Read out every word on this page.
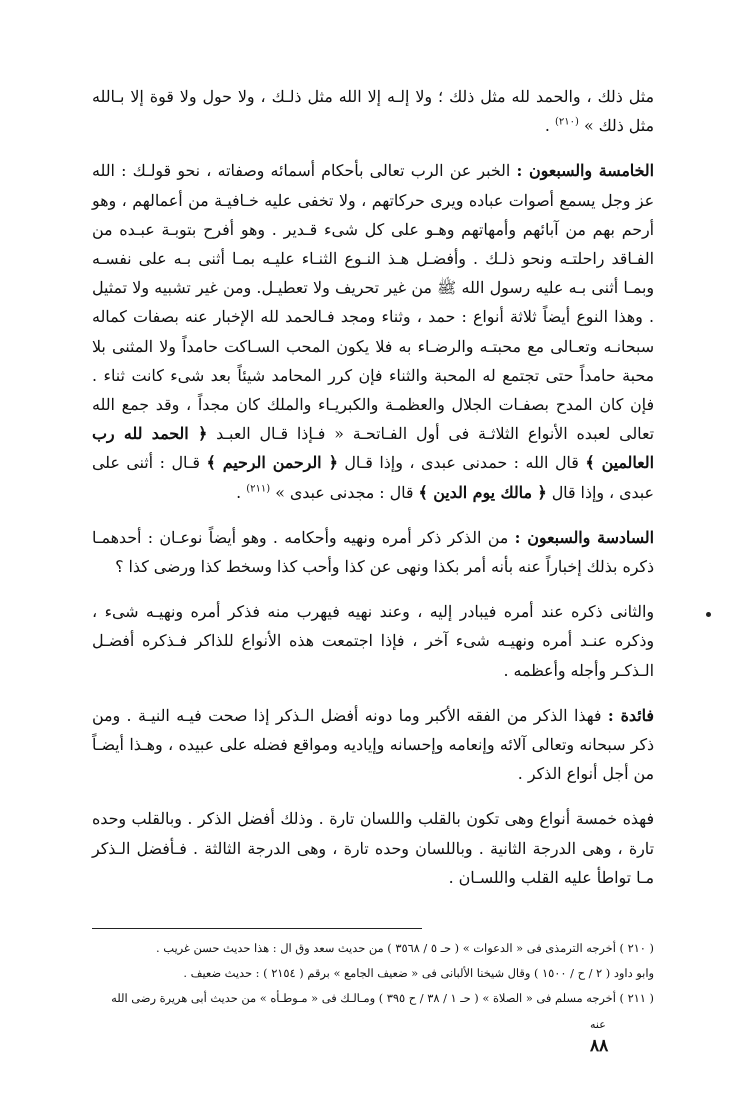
مثل ذلك ، والحمد لله مثل ذلك ؛ ولا إلـه إلا الله مثل ذلـك ، ولا حول ولا قوة إلا بـالله مثل ذلك » $^{(٢١٠)}$ .

الخامسة والسبعون : الخبر عن الرب تعالى بأحكام أسمائه وصفاته ، نحو قولـك : الله عز وجل يسمع أصوات عباده ويرى حركاتهم ، ولا تخفى عليه خـافيـة من أعمالهم ، وهو أرحم بهم من آبائهم وأمهاتهم وهـو على كل شىء قـدير . وهو أفرح بتوبـة عبـده من الفـاقد راحلتـه ونحو ذلـك . وأفضـل هـذ النـوع الثنـاء عليـه بمـا أثنى بـه على نفسـه وبمـا أثنى بـه عليه رسول الله ﷺ من غير تحريف ولا تعطيـل. ومن غير تشبيه ولا تمثيل . وهذا النوع أيضاً ثلاثة أنواع : حمد ، وثناء ومجد فـالحمد لله الإخبار عنه بصفات كماله سبحانـه وتعـالى مع محبتـه والرضـاء به فلا يكون المحب السـاكت حامداً ولا المثنى بلا محبة حامداً حتى تجتمع له المحبة والثناء فإن كرر المحامد شيئاً بعد شىء كانت ثناء . فإن كان المدح بصفـات الجلال والعظمـة والكبريـاء والملك كان مجداً ، وقد جمع الله تعالى لعبده الأنواع الثلاثـة فى أول الفـاتحـة « فـإذا قـال العبـد ﴿ الحمد لله رب العالمين ﴾ قال الله : حمدنى عبدى ، وإذا قـال ﴿ الرحمن الرحيم ﴾ قـال : أثنى على عبدى ، وإذا قال ﴿ مالك يوم الدين ﴾ قال : مجدنى عبدى » $^{(٢١١)}$ .

السادسة والسبعون : من الذكر ذكر أمره ونهيه وأحكامه . وهو أيضاً نوعـان : أحدهمـا ذكره بذلك إخباراً عنه بأنه أمر بكذا ونهى عن كذا وأحب كذا وسخط كذا ورضى كذا ؟

والثانى ذكره عند أمره فيبادر إليه ، وعند نهيه فيهرب منه فذكر أمره ونهيـه شىء ، وذكره عنـد أمره ونهيـه شىء آخر ، فإذا اجتمعت هذه الأنواع للذاكر فـذكره أفضـل الـذكـر وأجله وأعظمه .

فائدة : فهذا الذكر من الفقه الأكبر وما دونه أفضل الـذكر إذا صحت فيـه النيـة . ومن ذكر سبحانه وتعالى آلائه وإنعامه وإحسانه وإياديه ومواقع فضله على عبيده ، وهـذا أيضـاً من أجل أنواع الذكر .

فهذه خمسة أنواع وهى تكون بالقلب واللسان تارة . وذلك أفضل الذكر . وبالقلب وحده تارة ، وهى الدرجة الثانية . وباللسان وحده تارة ، وهى الدرجة الثالثة . فـأفضل الـذكر مـا تواطأ عليه القلب واللسـان .

( ٢١٠ ) أخرجه الترمذى فى « الدعوات » ( حـ ٥ / ٣٥٦٨ ) من حديث سعد وق ال : هذا حديث حسن غريب .
وابو داود ( ٢ / ح / ١٥٠٠ ) وقال شيخنا الألبانى فى « ضعيف الجامع » برقم ( ٢١٥٤ ) : حديث ضعيف .
( ٢١١ ) أخرجه مسلم فى « الصلاة » ( حـ ١ / ٣٨ / ح ٣٩٥ ) ومـالـك فى « مـوطـأه » من حديث أبى هريرة رضى الله
عنه
٨٨
